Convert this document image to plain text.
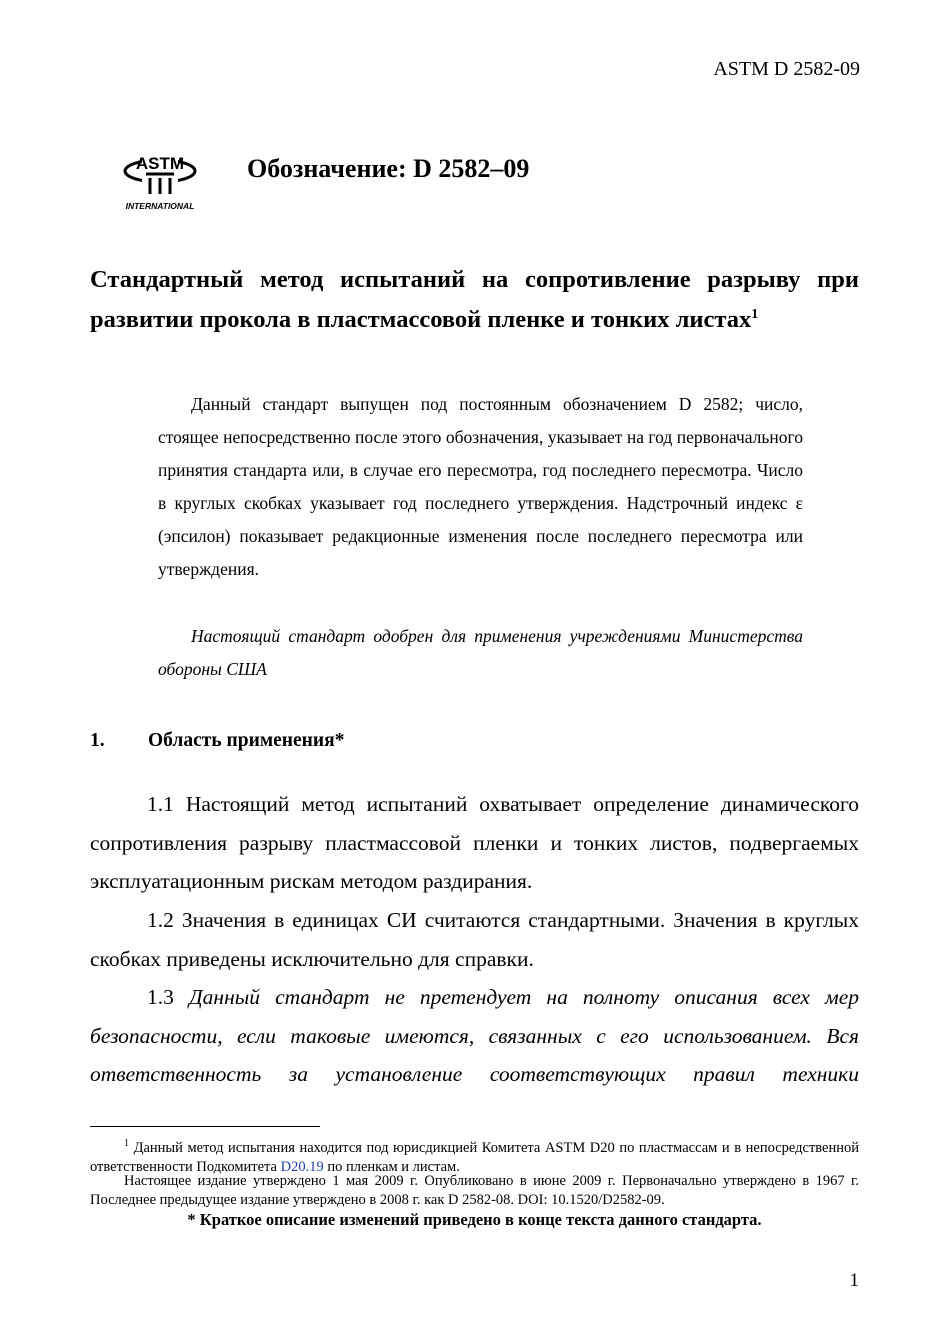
ASTM D 2582-09
ASTM
INTERNATIONAL
Обозначение: D 2582–09

Стандартный метод испытаний на сопротивление разрыву при развитии прокола в пластмассовой пленке и тонких листах$^1$

Данный стандарт выпущен под постоянным обозначением D 2582; число, стоящее непосредственно после этого обозначения, указывает на год первоначального принятия стандарта или, в случае его пересмотра, год последнего пересмотра. Число в круглых скобках указывает год последнего утверждения. Надстрочный индекс ε (эпсилон) показывает редакционные изменения после последнего пересмотра или утверждения.

Настоящий стандарт одобрен для применения учреждениями Министерства обороны США

1. Область применения*

1.1 Настоящий метод испытаний охватывает определение динамического сопротивления разрыву пластмассовой пленки и тонких листов, подвергаемых эксплуатационным рискам методом раздирания.

1.2 Значения в единицах СИ считаются стандартными. Значения в круглых скобках приведены исключительно для справки.

1.3 Данный стандарт не претендует на полноту описания всех мер безопасности, если таковые имеются, связанных с его использованием. Вся ответственность за установление соответствующих правил техники

$^1$ Данный метод испытания находится под юрисдикцией Комитета ASTM D20 по пластмассам и в непосредственной ответственности Подкомитета D20.19 по пленкам и листам.

Настоящее издание утверждено 1 мая 2009 г. Опубликовано в июне 2009 г. Первоначально утверждено в 1967 г. Последнее предыдущее издание утверждено в 2008 г. как D 2582-08. DOI: 10.1520/D2582-09.

* Краткое описание изменений приведено в конце текста данного стандарта.
1
